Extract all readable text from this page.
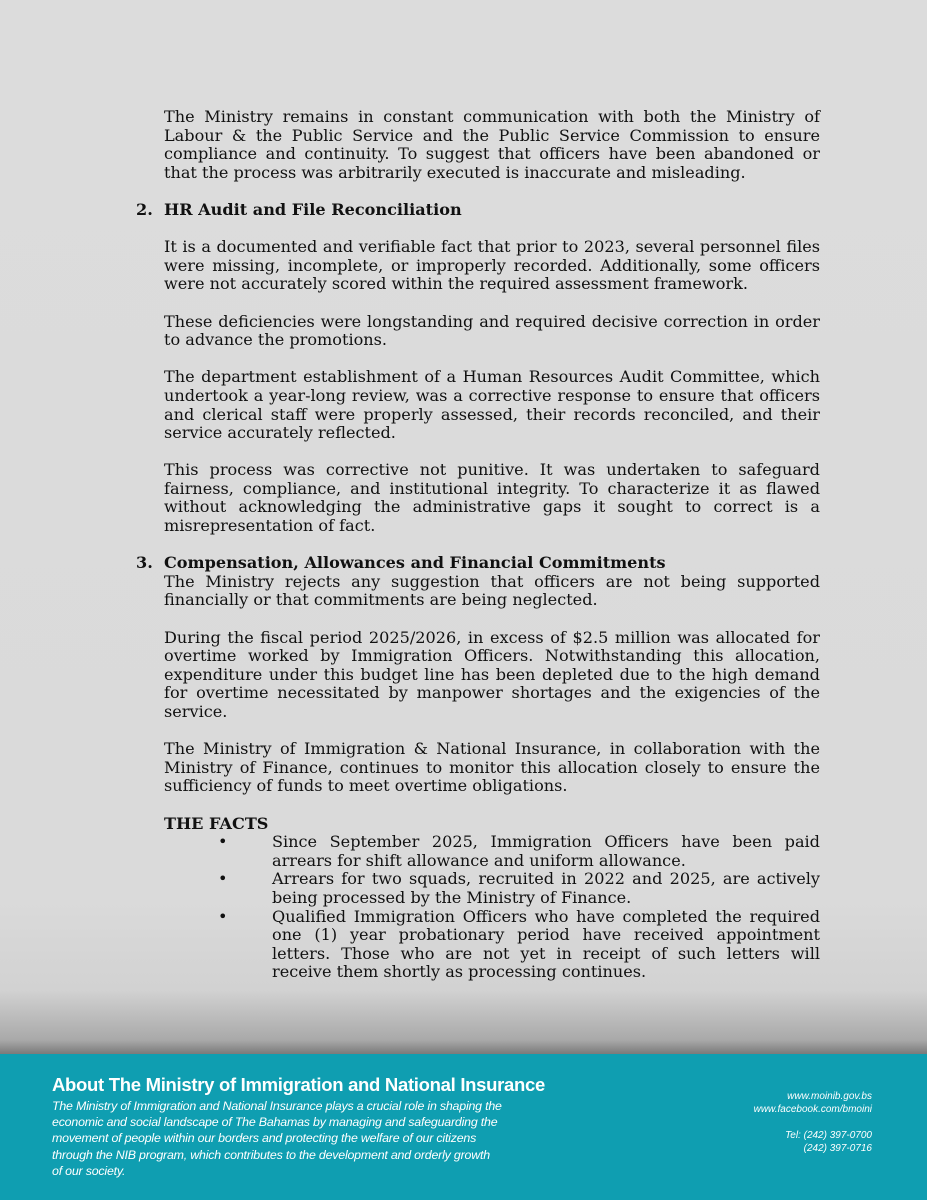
The Ministry remains in constant communication with both the Ministry of Labour & the Public Service and the Public Service Commission to ensure compliance and continuity. To suggest that officers have been abandoned or that the process was arbitrarily executed is inaccurate and misleading.

2. HR Audit and File Reconciliation

It is a documented and verifiable fact that prior to 2023, several personnel files were missing, incomplete, or improperly recorded. Additionally, some officers were not accurately scored within the required assessment framework.

These deficiencies were longstanding and required decisive correction in order to advance the promotions.

The department establishment of a Human Resources Audit Committee, which undertook a year-long review, was a corrective response to ensure that officers and clerical staff were properly assessed, their records reconciled, and their service accurately reflected.

This process was corrective not punitive. It was undertaken to safeguard fairness, compliance, and institutional integrity. To characterize it as flawed without acknowledging the administrative gaps it sought to correct is a misrepresentation of fact.

3. Compensation, Allowances and Financial Commitments

The Ministry rejects any suggestion that officers are not being supported financially or that commitments are being neglected.

During the fiscal period 2025/2026, in excess of $2.5 million was allocated for overtime worked by Immigration Officers. Notwithstanding this allocation, expenditure under this budget line has been depleted due to the high demand for overtime necessitated by manpower shortages and the exigencies of the service.

The Ministry of Immigration & National Insurance, in collaboration with the Ministry of Finance, continues to monitor this allocation closely to ensure the sufficiency of funds to meet overtime obligations.

THE FACTS
•	Since September 2025, Immigration Officers have been paid arrears for shift allowance and uniform allowance.
•	Arrears for two squads, recruited in 2022 and 2025, are actively being processed by the Ministry of Finance.
•	Qualified Immigration Officers who have completed the required one (1) year probationary period have received appointment letters. Those who are not yet in receipt of such letters will receive them shortly as processing continues.
About The Ministry of Immigration and National Insurance
The Ministry of Immigration and National Insurance plays a crucial role in shaping the economic and social landscape of The Bahamas by managing and safeguarding the movement of people within our borders and protecting the welfare of our citizens through the NIB program, which contributes to the development and orderly growth of our society.
www.moinib.gov.bs
www.facebook.com/bmoini
Tel: (242) 397-0700
(242) 397-0716
